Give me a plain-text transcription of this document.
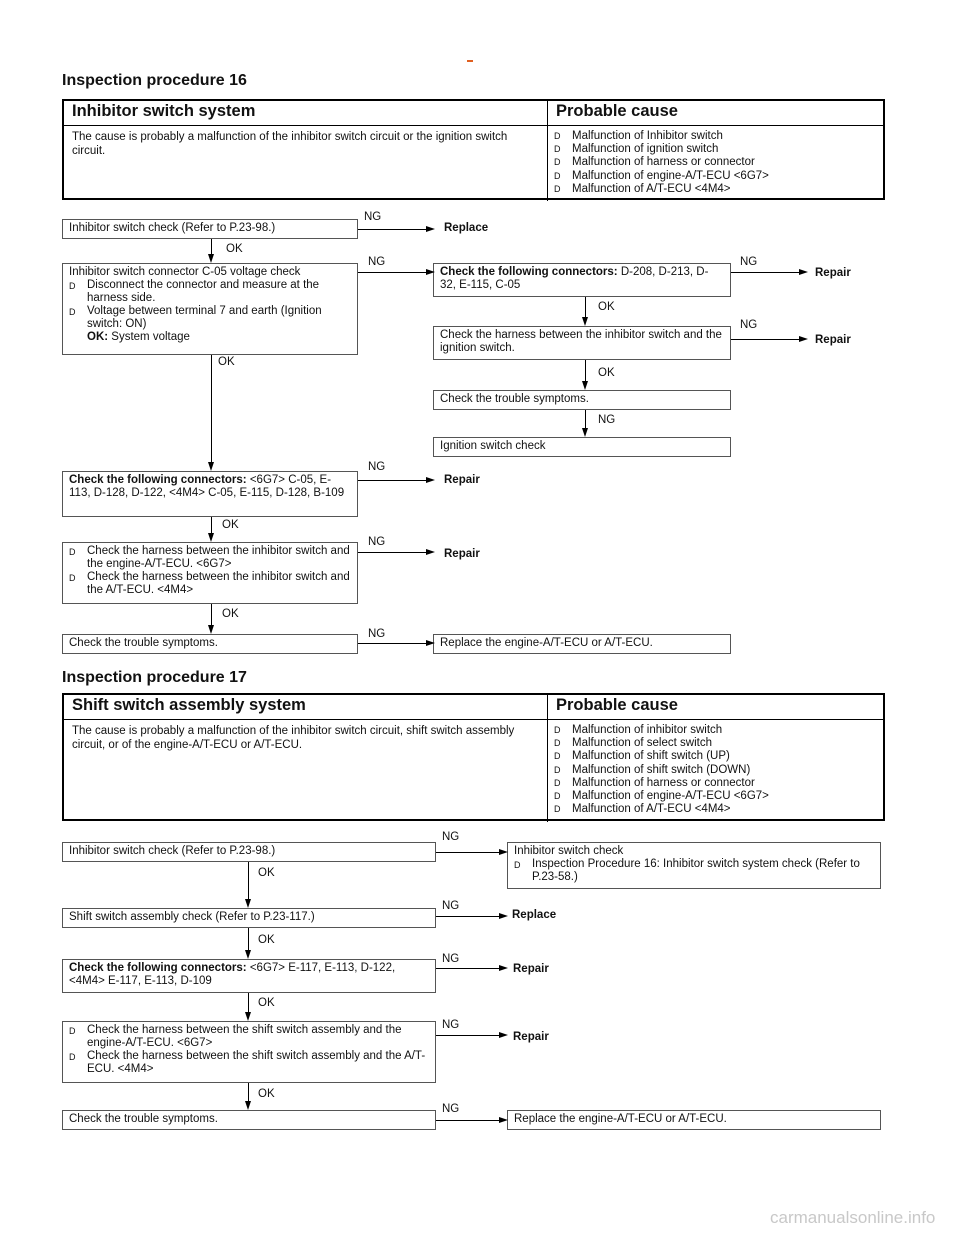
Inspection procedure 16
Inhibitor switch system	Probable cause
The cause is probably a malfunction of the inhibitor switch circuit or the ignition switch circuit.
D Malfunction of Inhibitor switch
D Malfunction of ignition switch
D Malfunction of harness or connector
D Malfunction of engine-A/T-ECU <6G7>
D Malfunction of A/T-ECU <4M4>
Inhibitor switch check (Refer to P.23-98.)
Inhibitor switch connector C-05 voltage check
D	Disconnect the connector and measure at the harness side.
D	Voltage between terminal 7 and earth (Ignition switch: ON)
OK: System voltage
Check the following connectors: D-208, D-213, D-32, E-115, C-05
Check the harness between the inhibitor switch and the ignition switch.
Check the trouble symptoms.
Ignition switch check
Check the following connectors: <6G7> C-05, E-113, D-128, D-122, <4M4> C-05, E-115, D-128, B-109
D	Check the harness between the inhibitor switch and the engine-A/T-ECU. <6G7>
D	Check the harness between the inhibitor switch and the A/T-ECU. <4M4>
Check the trouble symptoms.	Replace the engine-A/T-ECU or A/T-ECU.
NG
Replace
OK
NG	NG
Repair
OK
NG
Repair
OK
NG
OK
NG
Repair
OK
NG
Repair
OK
NG
Inspection procedure 17
Shift switch assembly system	Probable cause
The cause is probably a malfunction of the inhibitor switch circuit, shift switch assembly circuit, or of the engine-A/T-ECU or A/T-ECU.
D Malfunction of inhibitor switch
D Malfunction of select switch
D Malfunction of shift switch (UP)
D Malfunction of shift switch (DOWN)
D Malfunction of harness or connector
D Malfunction of engine-A/T-ECU <6G7>
D Malfunction of A/T-ECU <4M4>
Inhibitor switch check (Refer to P.23-98.)	Inhibitor switch check
D	Inspection Procedure 16: Inhibitor switch system check (Refer to P.23-58.)
Shift switch assembly check (Refer to P.23-117.)
Check the following connectors: <6G7> E-117, E-113, D-122, <4M4> E-117, E-113, D-109
D	Check the harness between the shift switch assembly and the engine-A/T-ECU. <6G7>
D	Check the harness between the shift switch assembly and the A/T-ECU. <4M4>
Check the trouble symptoms.	Replace the engine-A/T-ECU or A/T-ECU.
NG
OK
NG
Replace
OK
NG
Repair
OK
NG
Repair
OK
NG
carmanualsonline.info
